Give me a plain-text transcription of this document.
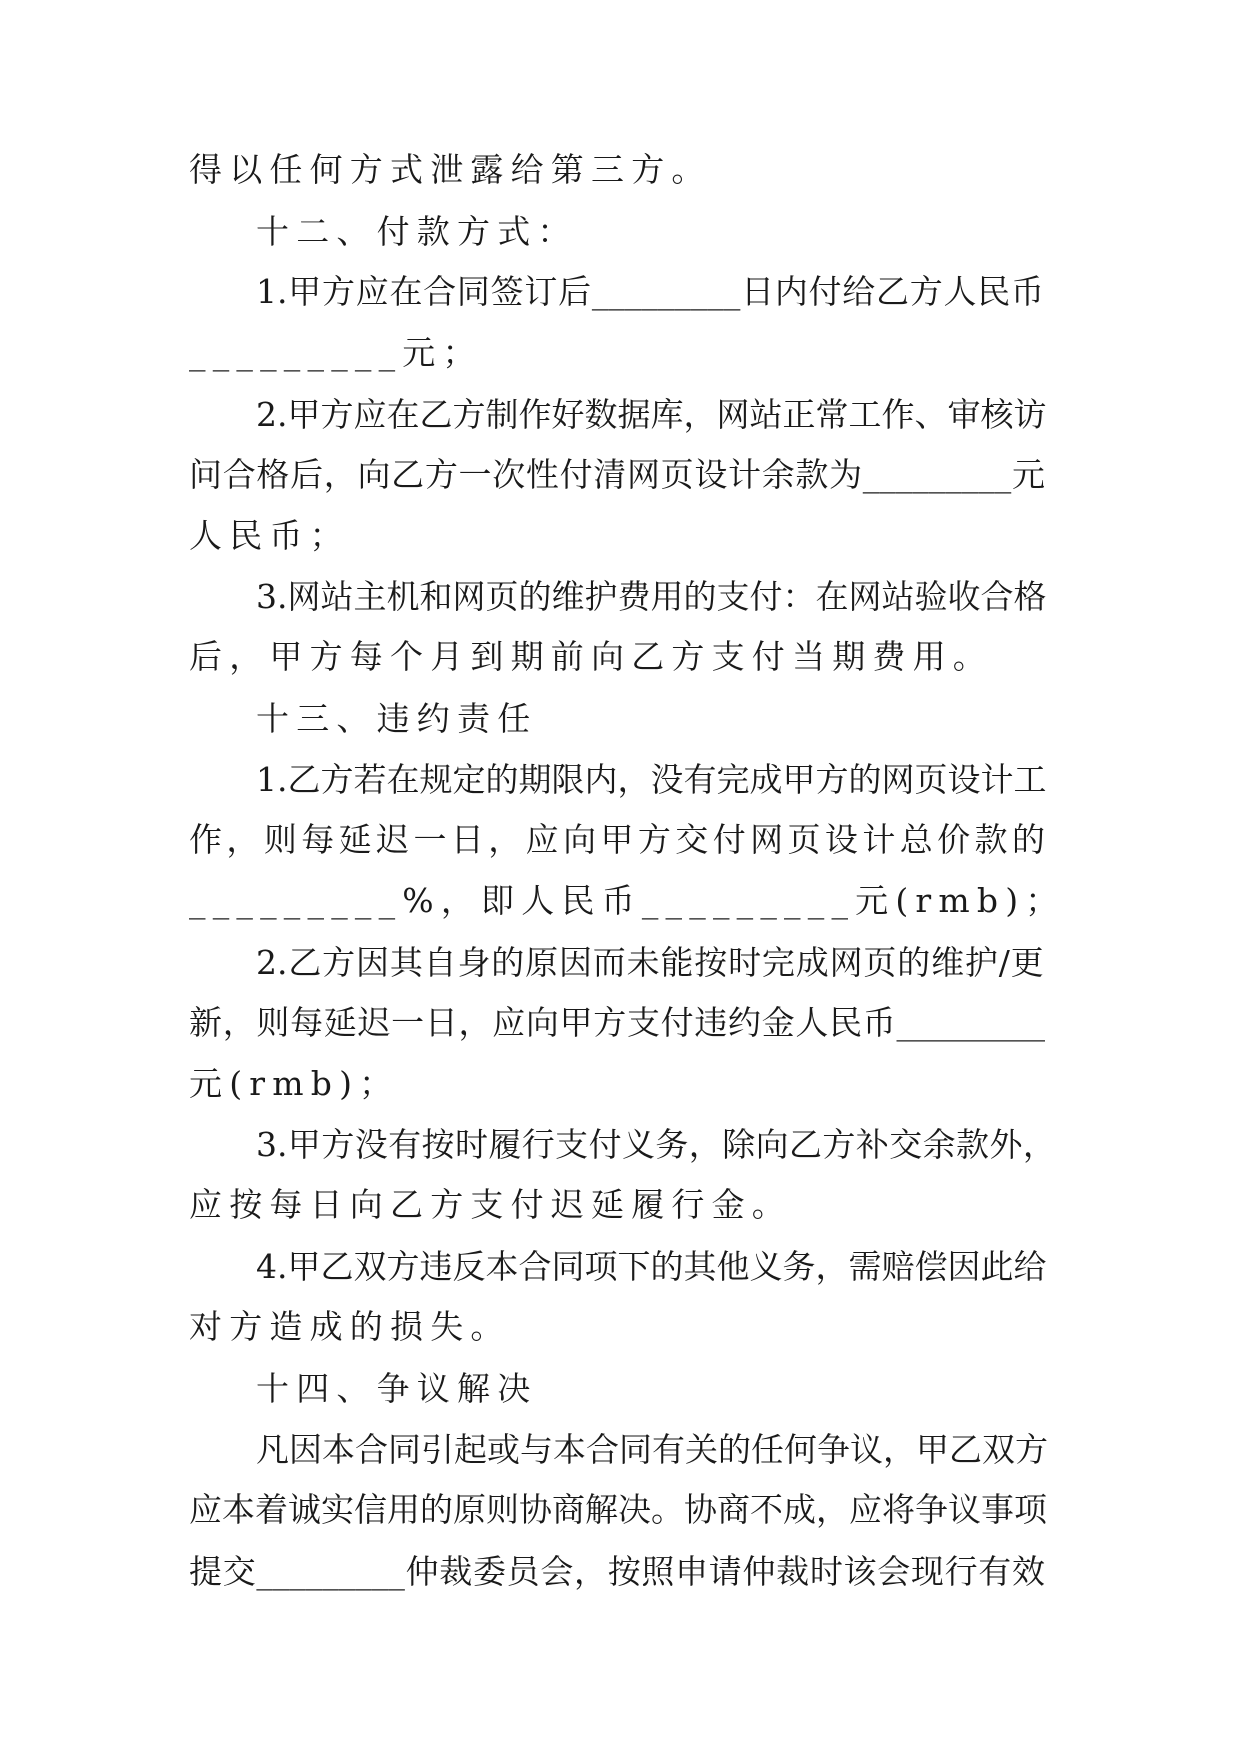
得以任何方式泄露给第三方。
十二、付款方式：
1. 甲 方 应 在 合 同 签 订 后 _________ 日 内 付 给 乙 方 人 民 币
_________元；
2. 甲 方 应 在 乙 方 制 作 好 数 据 库 ， 网 站 正 常 工 作 、 审 核 访
问 合 格 后 ， 向 乙 方 一 次 性 付 清 网 页 设 计 余 款 为 _________ 元
人民币；
3. 网 站 主 机 和 网 页 的 维 护 费 用 的 支 付 ： 在 网 站 验 收 合 格
后，甲方每个月到期前向乙方支付当期费用。
十三、违约责任
1. 乙 方 若 在 规 定 的 期 限 内 ， 没 有 完 成 甲 方 的 网 页 设 计 工
作 ， 则 每 延 迟 一 日 ， 应 向 甲 方 交 付 网 页 设 计 总 价 款 的
_________%，即人民币_________元(rmb)；
2. 乙 方 因 其 自 身 的 原 因 而 未 能 按 时 完 成 网 页 的 维 护 / 更
新 ， 则 每 延 迟 一 日 ， 应 向 甲 方 支 付 违 约 金 人 民 币 _________
元(rmb)；
3. 甲 方 没 有 按 时 履 行 支 付 义 务 ， 除 向 乙 方 补 交 余 款 外 ，
应按每日向乙方支付迟延履行金。
4. 甲 乙 双 方 违 反 本 合 同 项 下 的 其 他 义 务 ， 需 赔 偿 因 此 给
对方造成的损失。
十四、争议解决
凡 因 本 合 同 引 起 或 与 本 合 同 有 关 的 任 何 争 议 ， 甲 乙 双 方
应 本 着 诚 实 信 用 的 原 则 协 商 解 决 。 协 商 不 成 ， 应 将 争 议 事 项
提 交 _________ 仲 裁 委 员 会 ， 按 照 申 请 仲 裁 时 该 会 现 行 有 效
